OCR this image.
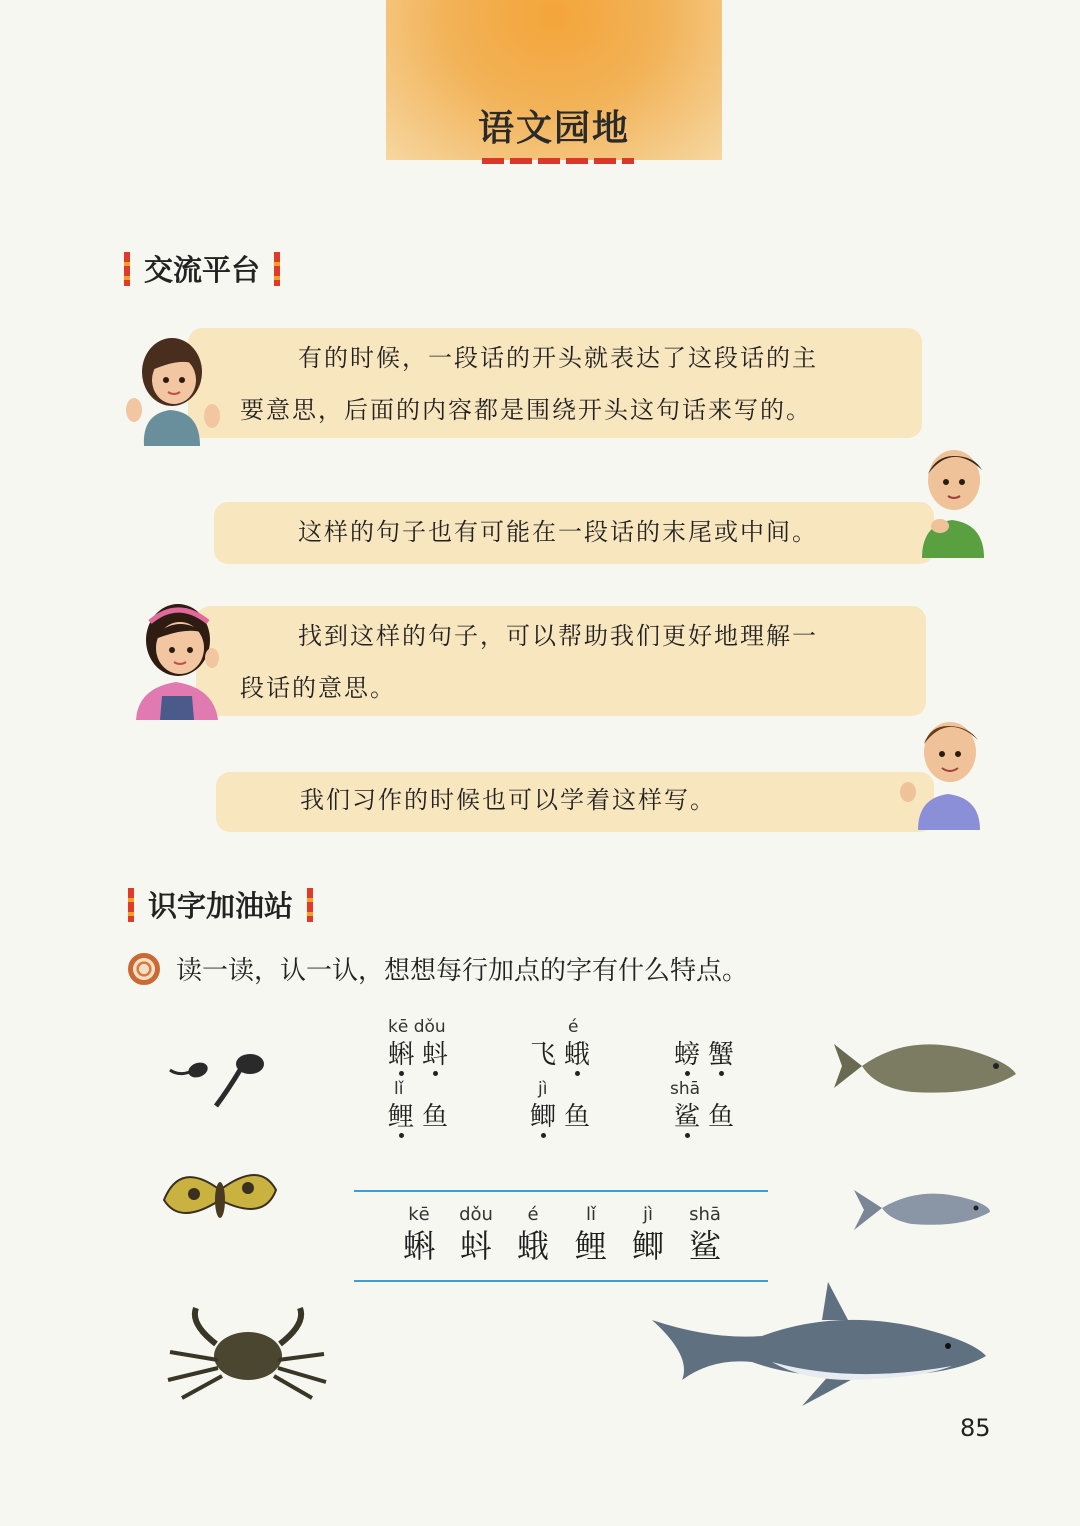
语文园地
交流平台
有的时候，一段话的开头就表达了这段话的主
要意思，后面的内容都是围绕开头这句话来写的。
这样的句子也有可能在一段话的末尾或中间。
找到这样的句子，可以帮助我们更好地理解一
段话的意思。
我们习作的时候也可以学着这样写。
识字加油站
读一读，认一认，想想每行加点的字有什么特点。
kē dǒu
蝌蚪
é
飞蛾	螃蟹
lǐ
鲤鱼
jì
鲫鱼
shā
鲨鱼
kē
蝌
dǒu
蚪
é
蛾
lǐ
鲤
jì
鲫
shā
鲨
85
